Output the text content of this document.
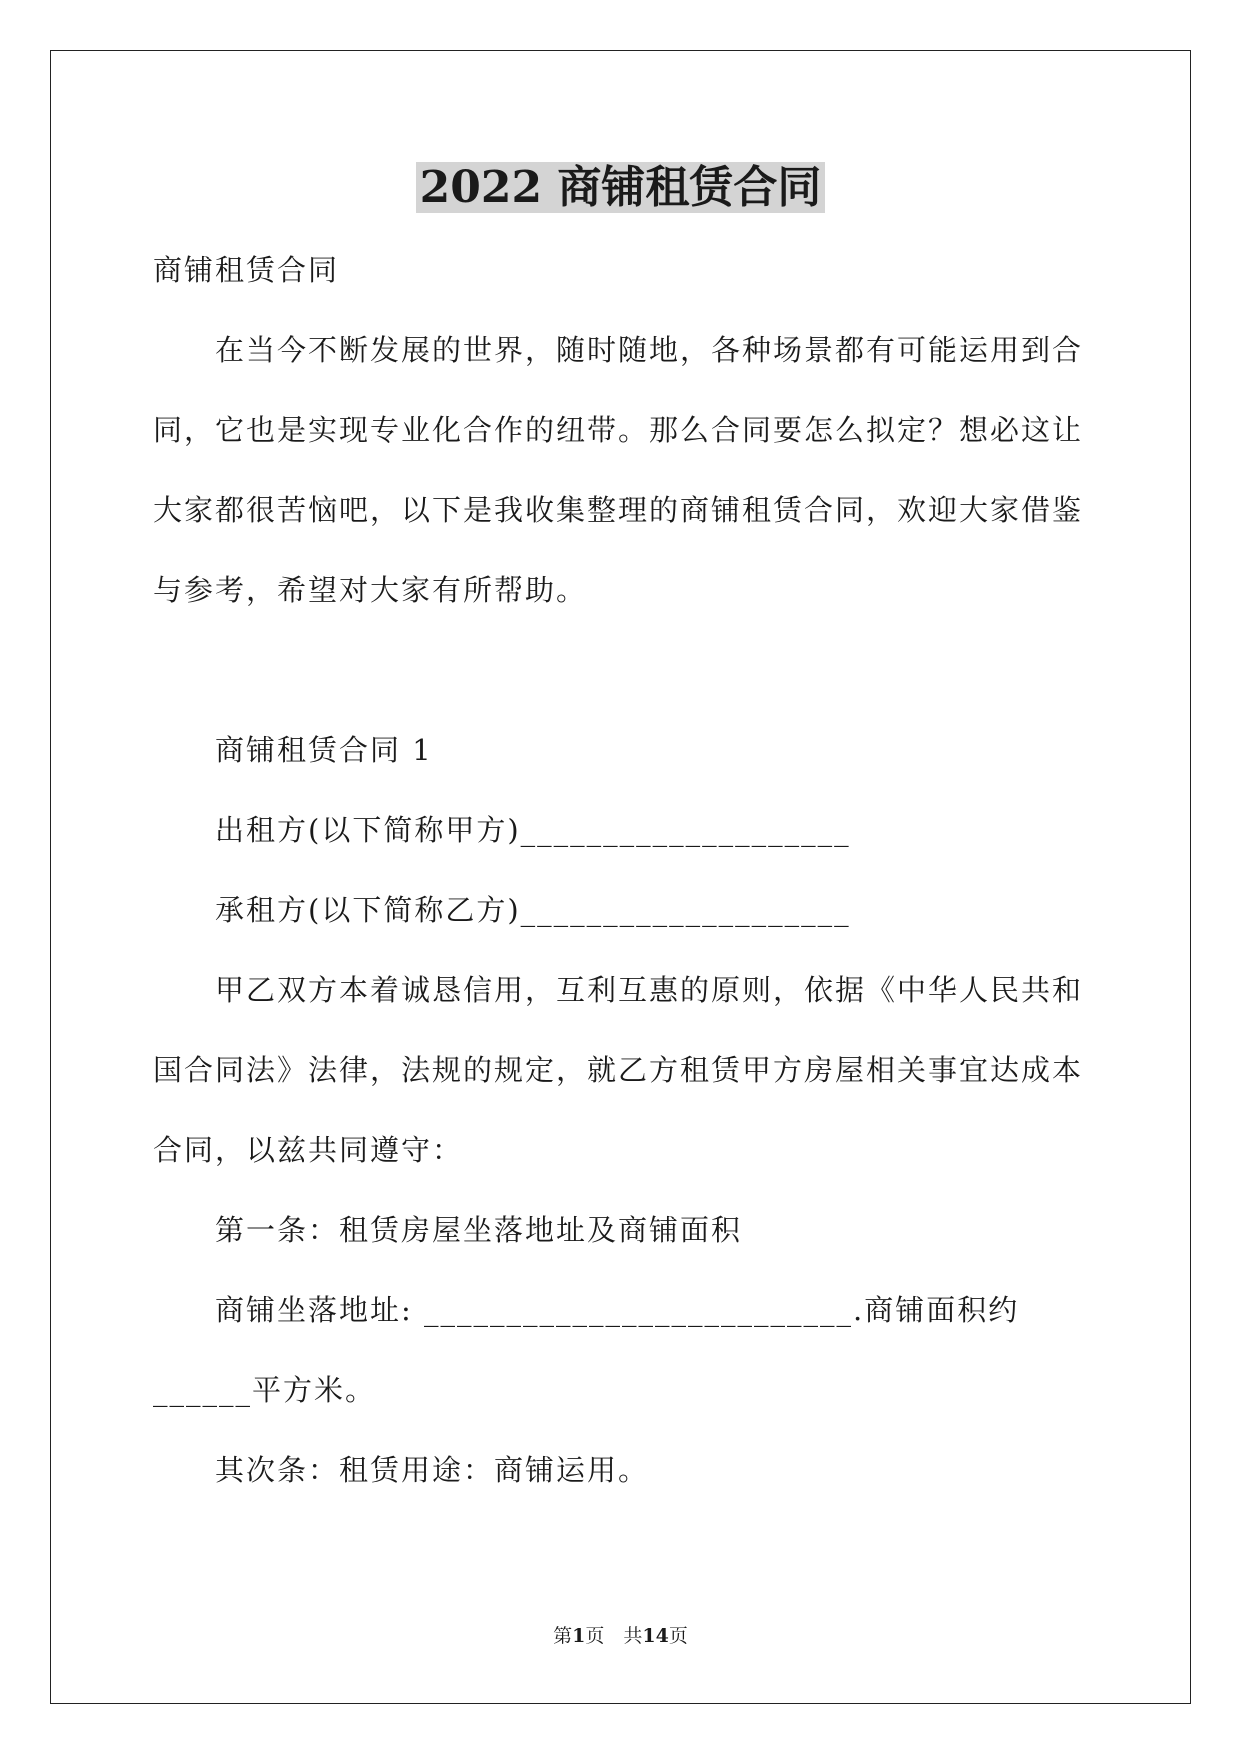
2022 商铺租赁合同

商铺租赁合同

在当今不断发展的世界，随时随地，各种场景都有可能运用到合同，它也是实现专业化合作的纽带。那么合同要怎么拟定？想必这让大家都很苦恼吧，以下是我收集整理的商铺租赁合同，欢迎大家借鉴与参考，希望对大家有所帮助。

商铺租赁合同 1

出租方(以下简称甲方)____________________

承租方(以下简称乙方)____________________

甲乙双方本着诚恳信用，互利互惠的原则，依据《中华人民共和国合同法》法律，法规的规定，就乙方租赁甲方房屋相关事宜达成本合同，以兹共同遵守：

第一条：租赁房屋坐落地址及商铺面积

商铺坐落地址: __________________________.商铺面积约______平方米。

其次条：租赁用途：商铺运用。

第1页　共14页
